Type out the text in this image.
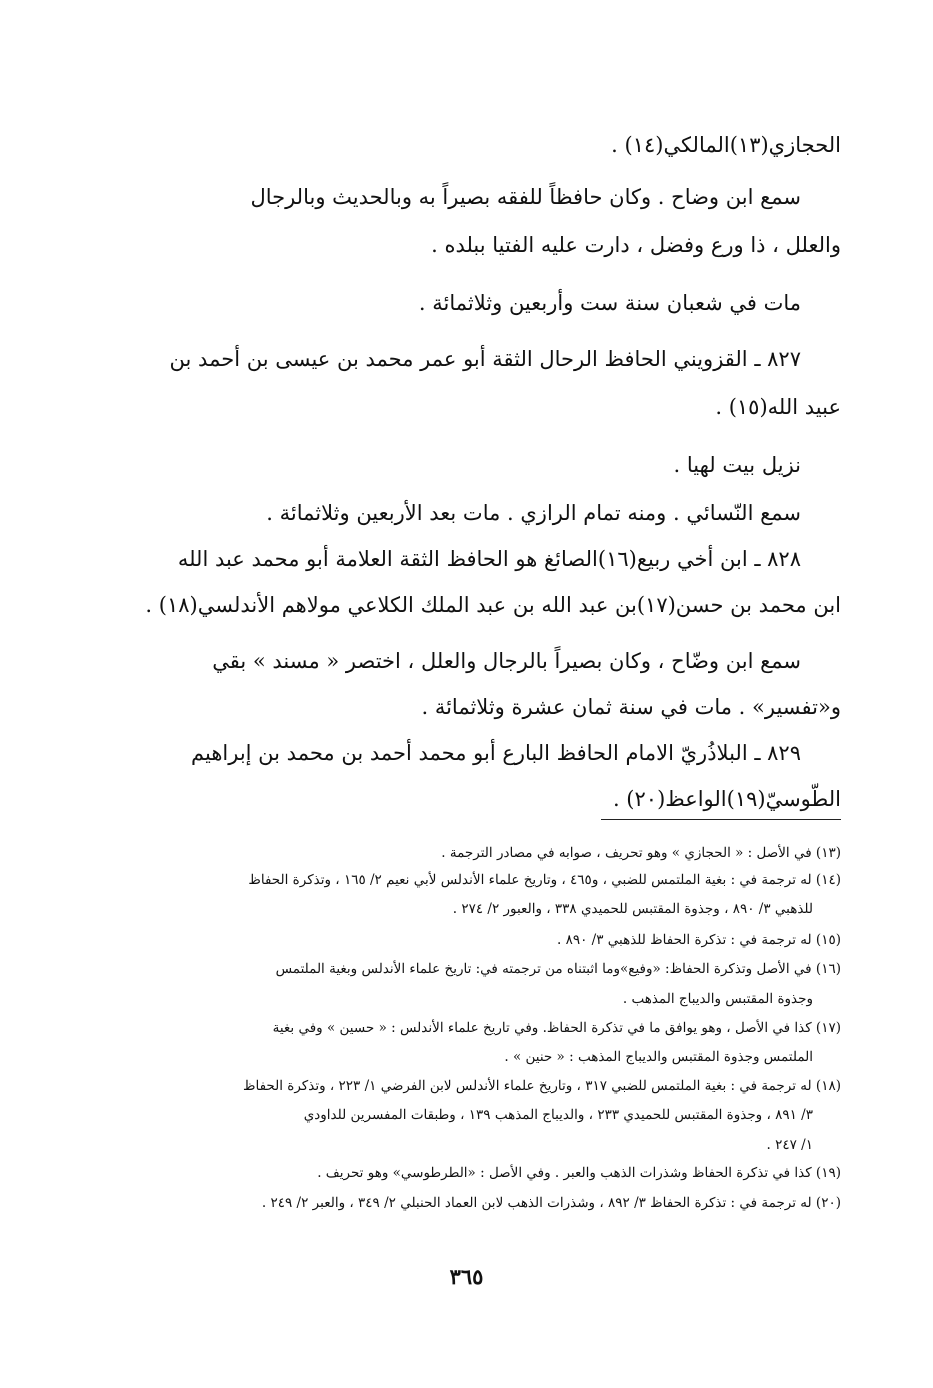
الحجازي(١٣)المالكي(١٤) .
سمع ابن وضاح . وكان حافظاً للفقه بصيراً به وبالحديث وبالرجال
والعلل ، ذا ورع وفضل ، دارت عليه الفتيا ببلده .
مات في شعبان سنة ست وأربعين وثلاثمائة .
٨٢٧ ـ القزويني الحافظ الرحال الثقة أبو عمر محمد بن عيسى بن أحمد بن
عبيد الله(١٥) .
نزيل بيت لهيا .
سمع النّسائي . ومنه تمام الرازي . مات بعد الأربعين وثلاثمائة .
٨٢٨ ـ ابن أخي ربيع(١٦)الصائغ هو الحافظ الثقة العلامة أبو محمد عبد الله
ابن محمد بن حسن(١٧)بن عبد الله بن عبد الملك الكلاعي مولاهم الأندلسي(١٨) .
سمع ابن وضّاح ، وكان بصيراً بالرجال والعلل ، اختصر « مسند » بقي
و«تفسير» . مات في سنة ثمان عشرة وثلاثمائة .
٨٢٩ ـ البلاذُريّ الامام الحافظ البارع أبو محمد أحمد بن محمد بن إبراهيم
الطّوسيّ(١٩)الواعظ(٢٠) .
(١٣) في الأصل : « الحجازي » وهو تحريف ، صوابه في مصادر الترجمة .
(١٤) له ترجمة في : بغية الملتمس للضبي ، و٤٦٥ ، وتاريخ علماء الأندلس لأبي نعيم ٢/ ١٦٥ ، وتذكرة الحفاظ
للذهبي ٣/ ٨٩٠ ، وجذوة المقتبس للحميدي ٣٣٨ ، والعبور ٢/ ٢٧٤ .
(١٥) له ترجمة في : تذكرة الحفاظ للذهبي ٣/ ٨٩٠ .
(١٦) في الأصل وتذكرة الحفاظ: «وفيع»وما اثبتناه من ترجمته في: تاريخ علماء الأندلس وبغية الملتمس
وجذوة المقتبس والديباج المذهب .
(١٧) كذا في الأصل ، وهو يوافق ما في تذكرة الحفاظ. وفي تاريخ علماء الأندلس : « حسين » وفي بغية
الملتمس وجذوة المقتبس والديباج المذهب : « حنين » .
(١٨) له ترجمة في : بغية الملتمس للضبي ٣١٧ ، وتاريخ علماء الأندلس لابن الفرضي ١/ ٢٢٣ ، وتذكرة الحفاظ
٣/ ٨٩١ ، وجذوة المقتبس للحميدي ٢٣٣ ، والديباج المذهب ١٣٩ ، وطبقات المفسرين للداودي
١/ ٢٤٧ .
(١٩) كذا في تذكرة الحفاظ وشذرات الذهب والعبر . وفي الأصل : «الطرطوسي» وهو تحريف .
(٢٠) له ترجمة في : تذكرة الحفاظ ٣/ ٨٩٢ ، وشذرات الذهب لابن العماد الحنبلي ٢/ ٣٤٩ ، والعبر ٢/ ٢٤٩ .
٣٦٥
